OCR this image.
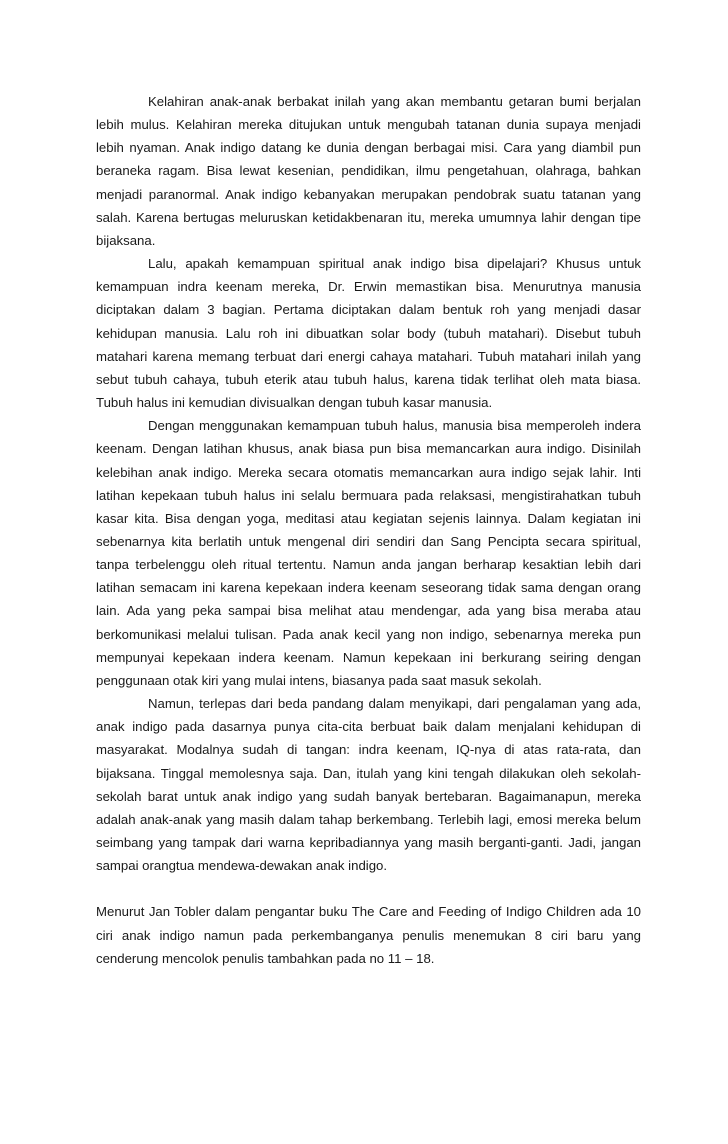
Kelahiran anak-anak berbakat inilah yang akan membantu getaran bumi berjalan lebih mulus. Kelahiran mereka ditujukan untuk mengubah tatanan dunia supaya menjadi lebih nyaman. Anak indigo datang ke dunia dengan berbagai misi. Cara yang diambil pun beraneka ragam. Bisa lewat kesenian, pendidikan, ilmu pengetahuan, olahraga, bahkan menjadi paranormal. Anak indigo kebanyakan merupakan pendobrak suatu tatanan yang salah. Karena bertugas meluruskan ketidakbenaran itu, mereka umumnya lahir dengan tipe bijaksana.

Lalu, apakah kemampuan spiritual anak indigo bisa dipelajari? Khusus untuk kemampuan indra keenam mereka, Dr. Erwin memastikan bisa. Menurutnya manusia diciptakan dalam 3 bagian. Pertama diciptakan dalam bentuk roh yang menjadi dasar kehidupan manusia. Lalu roh ini dibuatkan solar body (tubuh matahari). Disebut tubuh matahari karena memang terbuat dari energi cahaya matahari. Tubuh matahari inilah yang sebut tubuh cahaya, tubuh eterik atau tubuh halus, karena tidak terlihat oleh mata biasa. Tubuh halus ini kemudian divisualkan dengan tubuh kasar manusia.

Dengan menggunakan kemampuan tubuh halus, manusia bisa memperoleh indera keenam. Dengan latihan khusus, anak biasa pun bisa memancarkan aura indigo. Disinilah kelebihan anak indigo. Mereka secara otomatis memancarkan aura indigo sejak lahir. Inti latihan kepekaan tubuh halus ini selalu bermuara pada relaksasi, mengistirahatkan tubuh kasar kita. Bisa dengan yoga, meditasi atau kegiatan sejenis lainnya. Dalam kegiatan ini sebenarnya kita berlatih untuk mengenal diri sendiri dan Sang Pencipta secara spiritual, tanpa terbelenggu oleh ritual tertentu. Namun anda jangan berharap kesaktian lebih dari latihan semacam ini karena kepekaan indera keenam seseorang tidak sama dengan orang lain. Ada yang peka sampai bisa melihat atau mendengar, ada yang bisa meraba atau berkomunikasi melalui tulisan. Pada anak kecil yang non indigo, sebenarnya mereka pun mempunyai kepekaan indera keenam. Namun kepekaan ini berkurang seiring dengan penggunaan otak kiri yang mulai intens, biasanya pada saat masuk sekolah.

Namun, terlepas dari beda pandang dalam menyikapi, dari pengalaman yang ada, anak indigo pada dasarnya punya cita-cita berbuat baik dalam menjalani kehidupan di masyarakat. Modalnya sudah di tangan: indra keenam, IQ-nya di atas rata-rata, dan bijaksana. Tinggal memolesnya saja. Dan, itulah yang kini tengah dilakukan oleh sekolah-sekolah barat untuk anak indigo yang sudah banyak bertebaran. Bagaimanapun, mereka adalah anak-anak yang masih dalam tahap berkembang. Terlebih lagi, emosi mereka belum seimbang yang tampak dari warna kepribadiannya yang masih berganti-ganti. Jadi, jangan sampai orangtua mendewa-dewakan anak indigo.

Menurut Jan Tobler dalam pengantar buku The Care and Feeding of Indigo Children ada 10 ciri anak indigo namun pada perkembanganya penulis menemukan 8 ciri baru yang cenderung mencolok penulis tambahkan pada no 11 – 18.
